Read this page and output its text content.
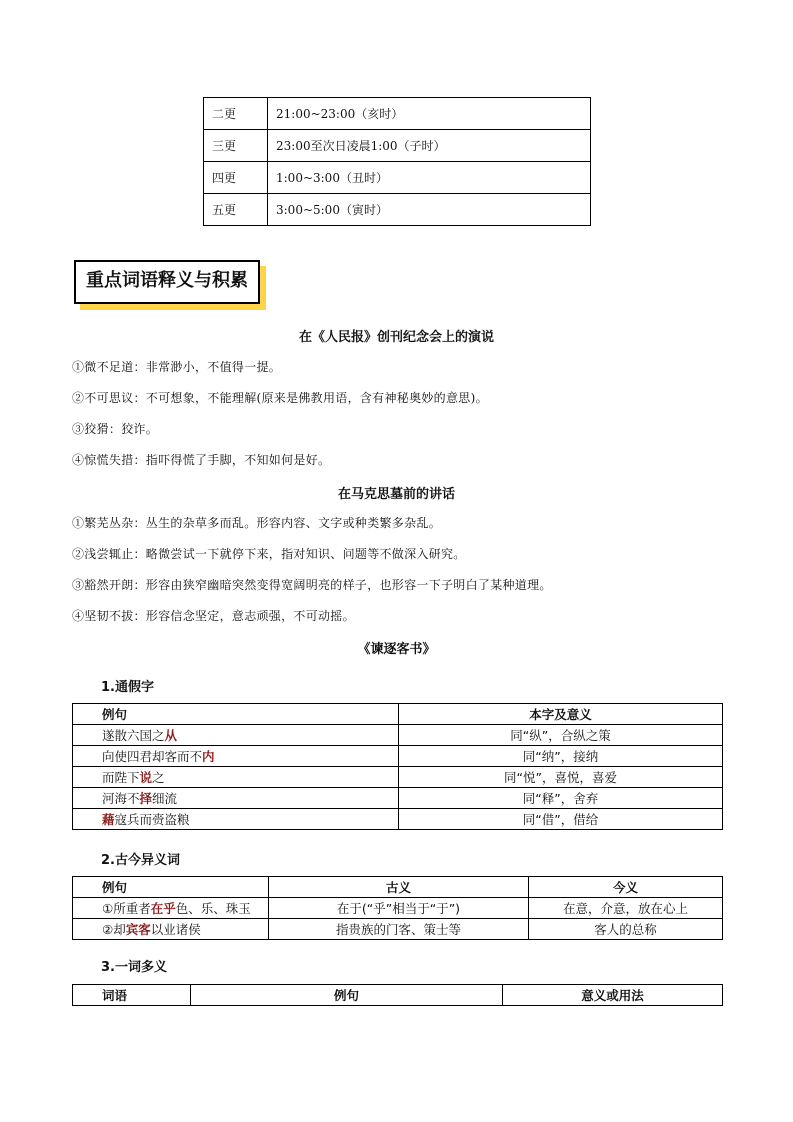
二更	21:00~23:00（亥时）
三更	23:00至次日凌晨1:00（子时）
四更	1:00~3:00（丑时）
五更	3:00~5:00（寅时）
重点词语释义与积累
在《人民报》创刊纪念会上的演说
①微不足道：非常渺小，不值得一提。
②不可思议：不可想象，不能理解(原来是佛教用语，含有神秘奥妙的意思)。
③狡猾：狡诈。
④惊慌失措：指吓得慌了手脚，不知如何是好。
在马克思墓前的讲话
①繁芜丛杂：丛生的杂草多而乱。形容内容、文字或种类繁多杂乱。
②浅尝辄止：略微尝试一下就停下来，指对知识、问题等不做深入研究。
③豁然开朗：形容由狭窄幽暗突然变得宽阔明亮的样子，也形容一下子明白了某种道理。
④坚韧不拔：形容信念坚定，意志顽强，不可动摇。
《谏逐客书》
1.通假字
例句	本字及意义
遂散六国之从	同“纵”，合纵之策
向使四君却客而不内	同“纳”，接纳
而陛下说之	同“悦”，喜悦，喜爱
河海不择细流	同“释”，舍弃
藉寇兵而赍盗粮	同“借”，借给
2.古今异义词
例句	古义	今义
①所重者在乎色、乐、珠玉	在于(“乎”相当于“于”)	在意，介意，放在心上
②却宾客以业诸侯	指贵族的门客、策士等	客人的总称
3.一词多义
词语	例句	意义或用法
